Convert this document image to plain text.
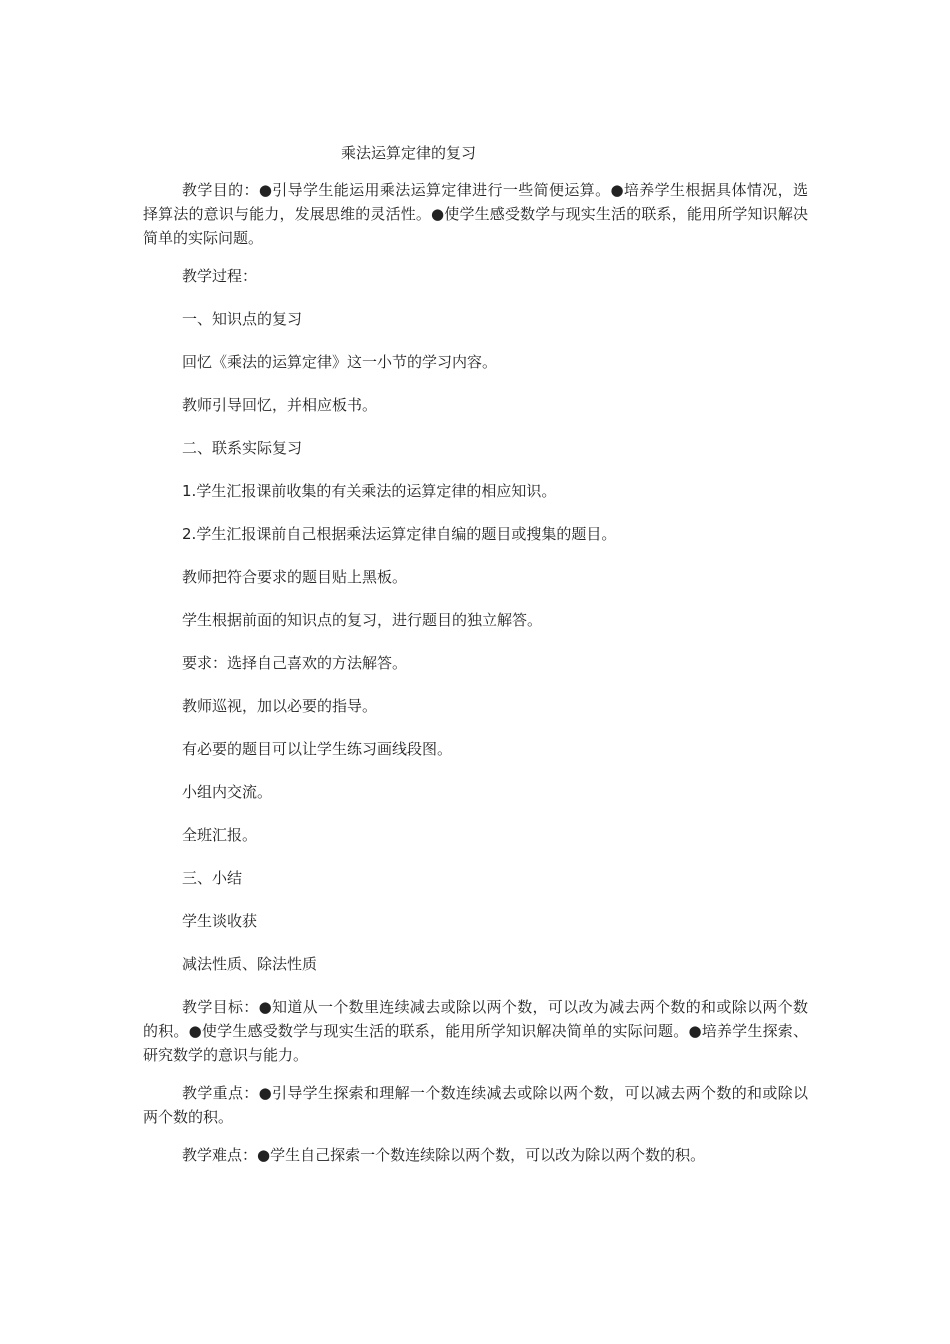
乘法运算定律的复习

教学目的：●引导学生能运用乘法运算定律进行一些简便运算。●培养学生根据具体情况，选择算法的意识与能力，发展思维的灵活性。●使学生感受数学与现实生活的联系，能用所学知识解决简单的实际问题。

教学过程：
一、知识点的复习
回忆《乘法的运算定律》这一小节的学习内容。
教师引导回忆，并相应板书。
二、联系实际复习
1.学生汇报课前收集的有关乘法的运算定律的相应知识。
2.学生汇报课前自己根据乘法运算定律自编的题目或搜集的题目。
教师把符合要求的题目贴上黑板。
学生根据前面的知识点的复习，进行题目的独立解答。
要求：选择自己喜欢的方法解答。
教师巡视，加以必要的指导。
有必要的题目可以让学生练习画线段图。
小组内交流。
全班汇报。
三、小结
学生谈收获
减法性质、除法性质

教学目标：●知道从一个数里连续减去或除以两个数，可以改为减去两个数的和或除以两个数的积。●使学生感受数学与现实生活的联系，能用所学知识解决简单的实际问题。●培养学生探索、研究数学的意识与能力。

教学重点：●引导学生探索和理解一个数连续减去或除以两个数，可以减去两个数的和或除以两个数的积。

教学难点：●学生自己探索一个数连续除以两个数，可以改为除以两个数的积。
